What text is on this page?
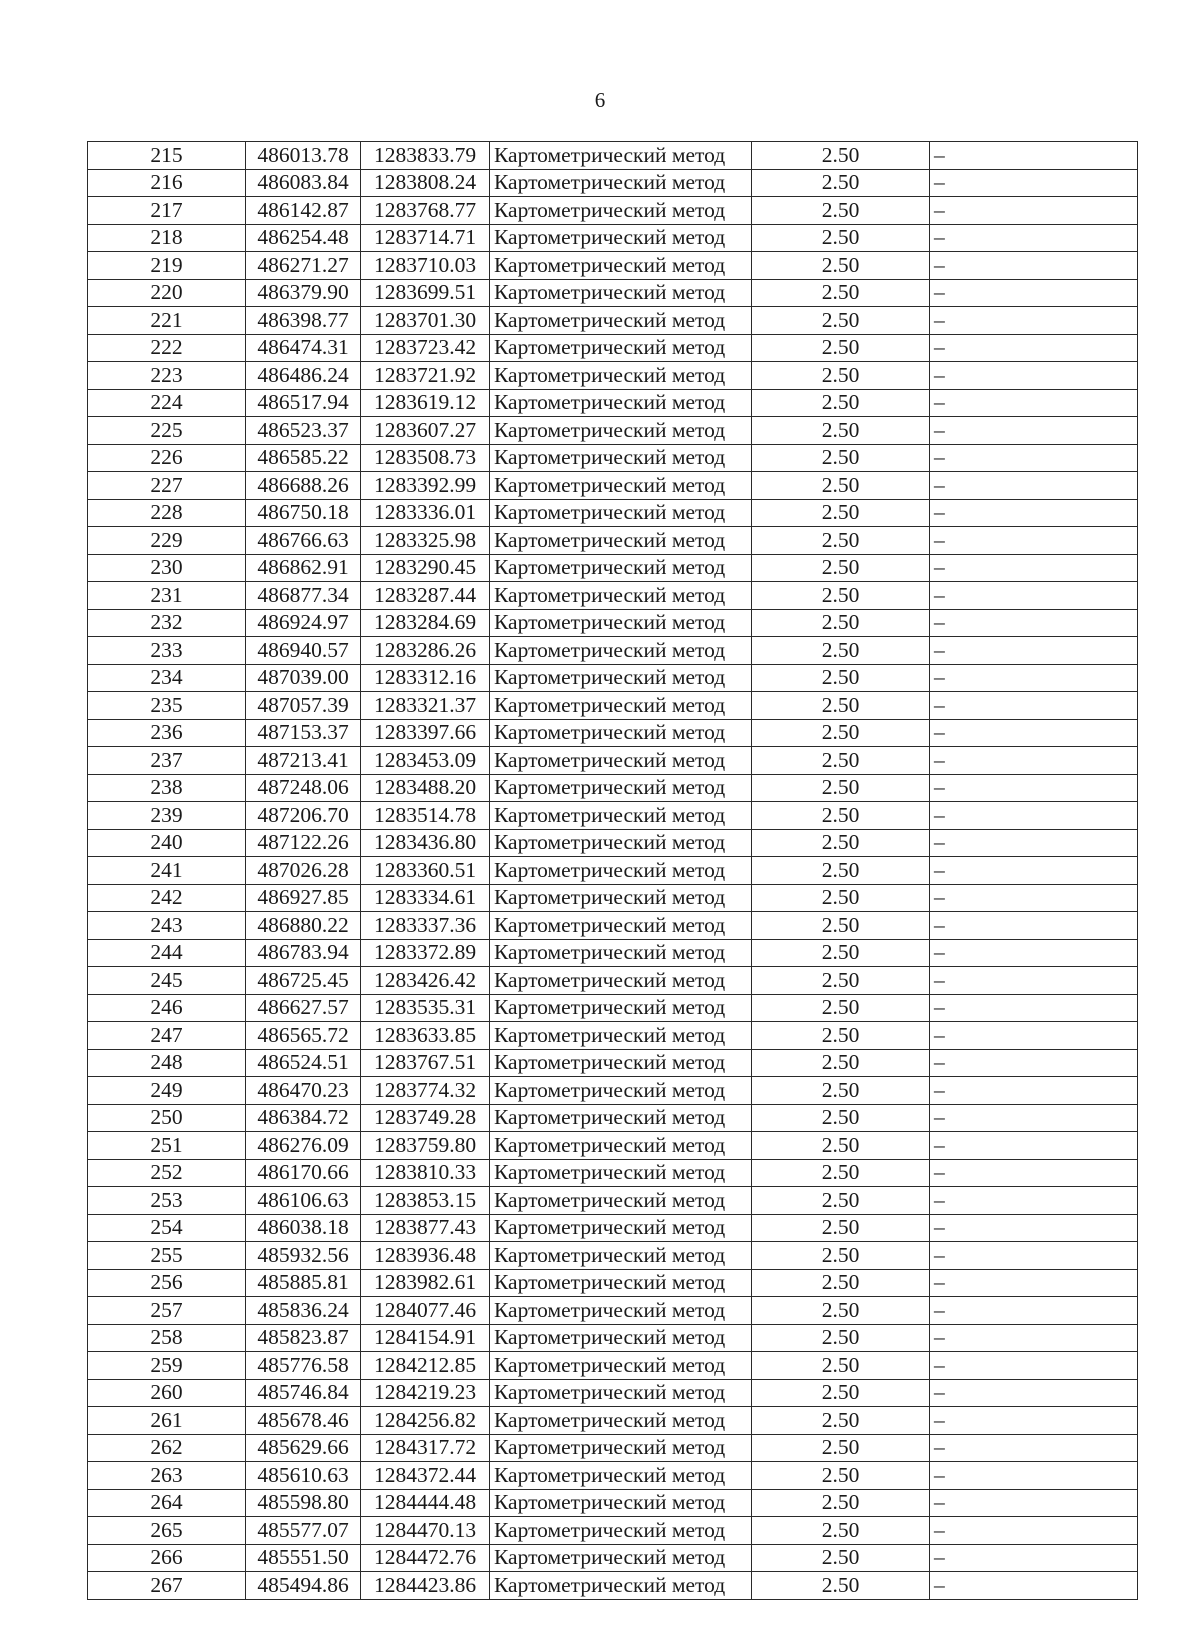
6
215	486013.78	1283833.79	Картометрический метод	2.50	–
216	486083.84	1283808.24	Картометрический метод	2.50	–
217	486142.87	1283768.77	Картометрический метод	2.50	–
218	486254.48	1283714.71	Картометрический метод	2.50	–
219	486271.27	1283710.03	Картометрический метод	2.50	–
220	486379.90	1283699.51	Картометрический метод	2.50	–
221	486398.77	1283701.30	Картометрический метод	2.50	–
222	486474.31	1283723.42	Картометрический метод	2.50	–
223	486486.24	1283721.92	Картометрический метод	2.50	–
224	486517.94	1283619.12	Картометрический метод	2.50	–
225	486523.37	1283607.27	Картометрический метод	2.50	–
226	486585.22	1283508.73	Картометрический метод	2.50	–
227	486688.26	1283392.99	Картометрический метод	2.50	–
228	486750.18	1283336.01	Картометрический метод	2.50	–
229	486766.63	1283325.98	Картометрический метод	2.50	–
230	486862.91	1283290.45	Картометрический метод	2.50	–
231	486877.34	1283287.44	Картометрический метод	2.50	–
232	486924.97	1283284.69	Картометрический метод	2.50	–
233	486940.57	1283286.26	Картометрический метод	2.50	–
234	487039.00	1283312.16	Картометрический метод	2.50	–
235	487057.39	1283321.37	Картометрический метод	2.50	–
236	487153.37	1283397.66	Картометрический метод	2.50	–
237	487213.41	1283453.09	Картометрический метод	2.50	–
238	487248.06	1283488.20	Картометрический метод	2.50	–
239	487206.70	1283514.78	Картометрический метод	2.50	–
240	487122.26	1283436.80	Картометрический метод	2.50	–
241	487026.28	1283360.51	Картометрический метод	2.50	–
242	486927.85	1283334.61	Картометрический метод	2.50	–
243	486880.22	1283337.36	Картометрический метод	2.50	–
244	486783.94	1283372.89	Картометрический метод	2.50	–
245	486725.45	1283426.42	Картометрический метод	2.50	–
246	486627.57	1283535.31	Картометрический метод	2.50	–
247	486565.72	1283633.85	Картометрический метод	2.50	–
248	486524.51	1283767.51	Картометрический метод	2.50	–
249	486470.23	1283774.32	Картометрический метод	2.50	–
250	486384.72	1283749.28	Картометрический метод	2.50	–
251	486276.09	1283759.80	Картометрический метод	2.50	–
252	486170.66	1283810.33	Картометрический метод	2.50	–
253	486106.63	1283853.15	Картометрический метод	2.50	–
254	486038.18	1283877.43	Картометрический метод	2.50	–
255	485932.56	1283936.48	Картометрический метод	2.50	–
256	485885.81	1283982.61	Картометрический метод	2.50	–
257	485836.24	1284077.46	Картометрический метод	2.50	–
258	485823.87	1284154.91	Картометрический метод	2.50	–
259	485776.58	1284212.85	Картометрический метод	2.50	–
260	485746.84	1284219.23	Картометрический метод	2.50	–
261	485678.46	1284256.82	Картометрический метод	2.50	–
262	485629.66	1284317.72	Картометрический метод	2.50	–
263	485610.63	1284372.44	Картометрический метод	2.50	–
264	485598.80	1284444.48	Картометрический метод	2.50	–
265	485577.07	1284470.13	Картометрический метод	2.50	–
266	485551.50	1284472.76	Картометрический метод	2.50	–
267	485494.86	1284423.86	Картометрический метод	2.50	–
